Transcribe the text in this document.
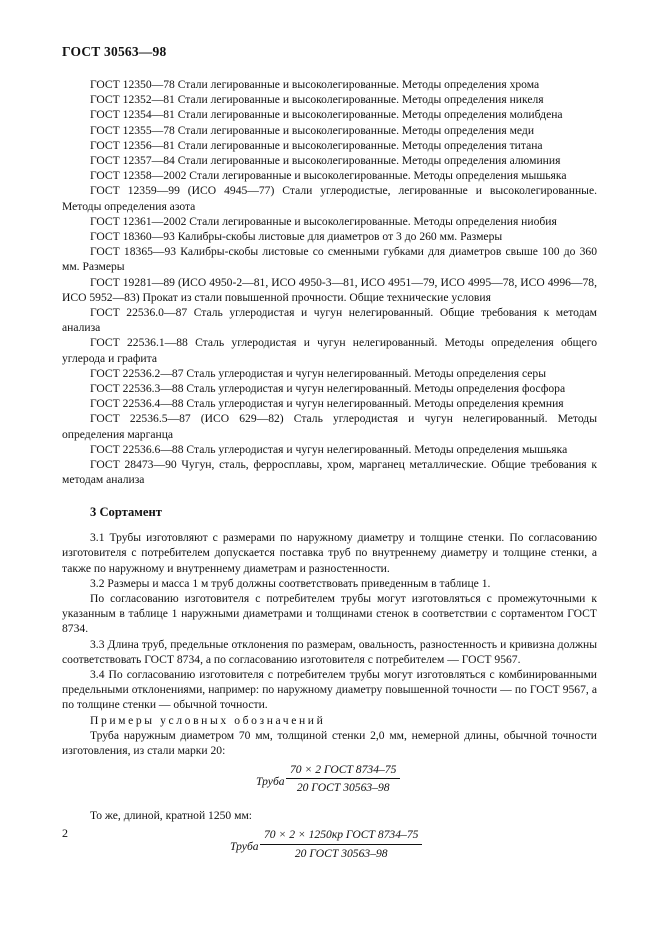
ГОСТ 30563—98

ГОСТ 12350—78 Стали легированные и высоколегированные. Методы определения хрома

ГОСТ 12352—81 Стали легированные и высоколегированные. Методы определения никеля

ГОСТ 12354—81 Стали легированные и высоколегированные. Методы определения молибдена

ГОСТ 12355—78 Стали легированные и высоколегированные. Методы определения меди

ГОСТ 12356—81 Стали легированные и высоколегированные. Методы определения титана

ГОСТ 12357—84 Стали легированные и высоколегированные. Методы определения алюминия

ГОСТ 12358—2002 Стали легированные и высоколегированные. Методы определения мышьяка

ГОСТ 12359—99 (ИСО 4945—77) Стали углеродистые, легированные и высоколегированные. Методы определения азота

ГОСТ 12361—2002 Стали легированные и высоколегированные. Методы определения ниобия

ГОСТ 18360—93 Калибры-скобы листовые для диаметров от 3 до 260 мм. Размеры

ГОСТ 18365—93 Калибры-скобы листовые со сменными губками для диаметров свыше 100 до 360 мм. Размеры

ГОСТ 19281—89 (ИСО 4950-2—81, ИСО 4950-3—81, ИСО 4951—79, ИСО 4995—78, ИСО 4996—78, ИСО 5952—83) Прокат из стали повышенной прочности. Общие технические условия

ГОСТ 22536.0—87 Сталь углеродистая и чугун нелегированный. Общие требования к методам анализа

ГОСТ 22536.1—88 Сталь углеродистая и чугун нелегированный. Методы определения общего углерода и графита

ГОСТ 22536.2—87 Сталь углеродистая и чугун нелегированный. Методы определения серы

ГОСТ 22536.3—88 Сталь углеродистая и чугун нелегированный. Методы определения фосфора

ГОСТ 22536.4—88 Сталь углеродистая и чугун нелегированный. Методы определения кремния

ГОСТ 22536.5—87 (ИСО 629—82) Сталь углеродистая и чугун нелегированный. Методы определения марганца

ГОСТ 22536.6—88 Сталь углеродистая и чугун нелегированный. Методы определения мышьяка

ГОСТ 28473—90 Чугун, сталь, ферросплавы, хром, марганец металлические. Общие требования к методам анализа

3 Сортамент

3.1 Трубы изготовляют с размерами по наружному диаметру и толщине стенки. По согласованию изготовителя с потребителем допускается поставка труб по внутреннему диаметру и толщине стенки, а также по наружному и внутреннему диаметрам и разностенности.

3.2 Размеры и масса 1 м труб должны соответствовать приведенным в таблице 1.

По согласованию изготовителя с потребителем трубы могут изготовляться с промежуточными к указанным в таблице 1 наружными диаметрами и толщинами стенок в соответствии с сортаментом ГОСТ 8734.

3.3 Длина труб, предельные отклонения по размерам, овальность, разностенность и кривизна должны соответствовать ГОСТ 8734, а по согласованию изготовителя с потребителем — ГОСТ 9567.

3.4 По согласованию изготовителя с потребителем трубы могут изготовляться с комбинированными предельными отклонениями, например: по наружному диаметру повышенной точности — по ГОСТ 9567, а по толщине стенки — обычной точности.

Примеры условных обозначений

Труба наружным диаметром 70 мм, толщиной стенки 2,0 мм, немерной длины, обычной точности изготовления, из стали марки 20:

Труба
70 × 2 ГОСТ 8734–75
20 ГОСТ 30563–98

То же, длиной, кратной 1250 мм:

Труба
70 × 2 × 1250кр ГОСТ 8734–75
20 ГОСТ 30563–98
2
